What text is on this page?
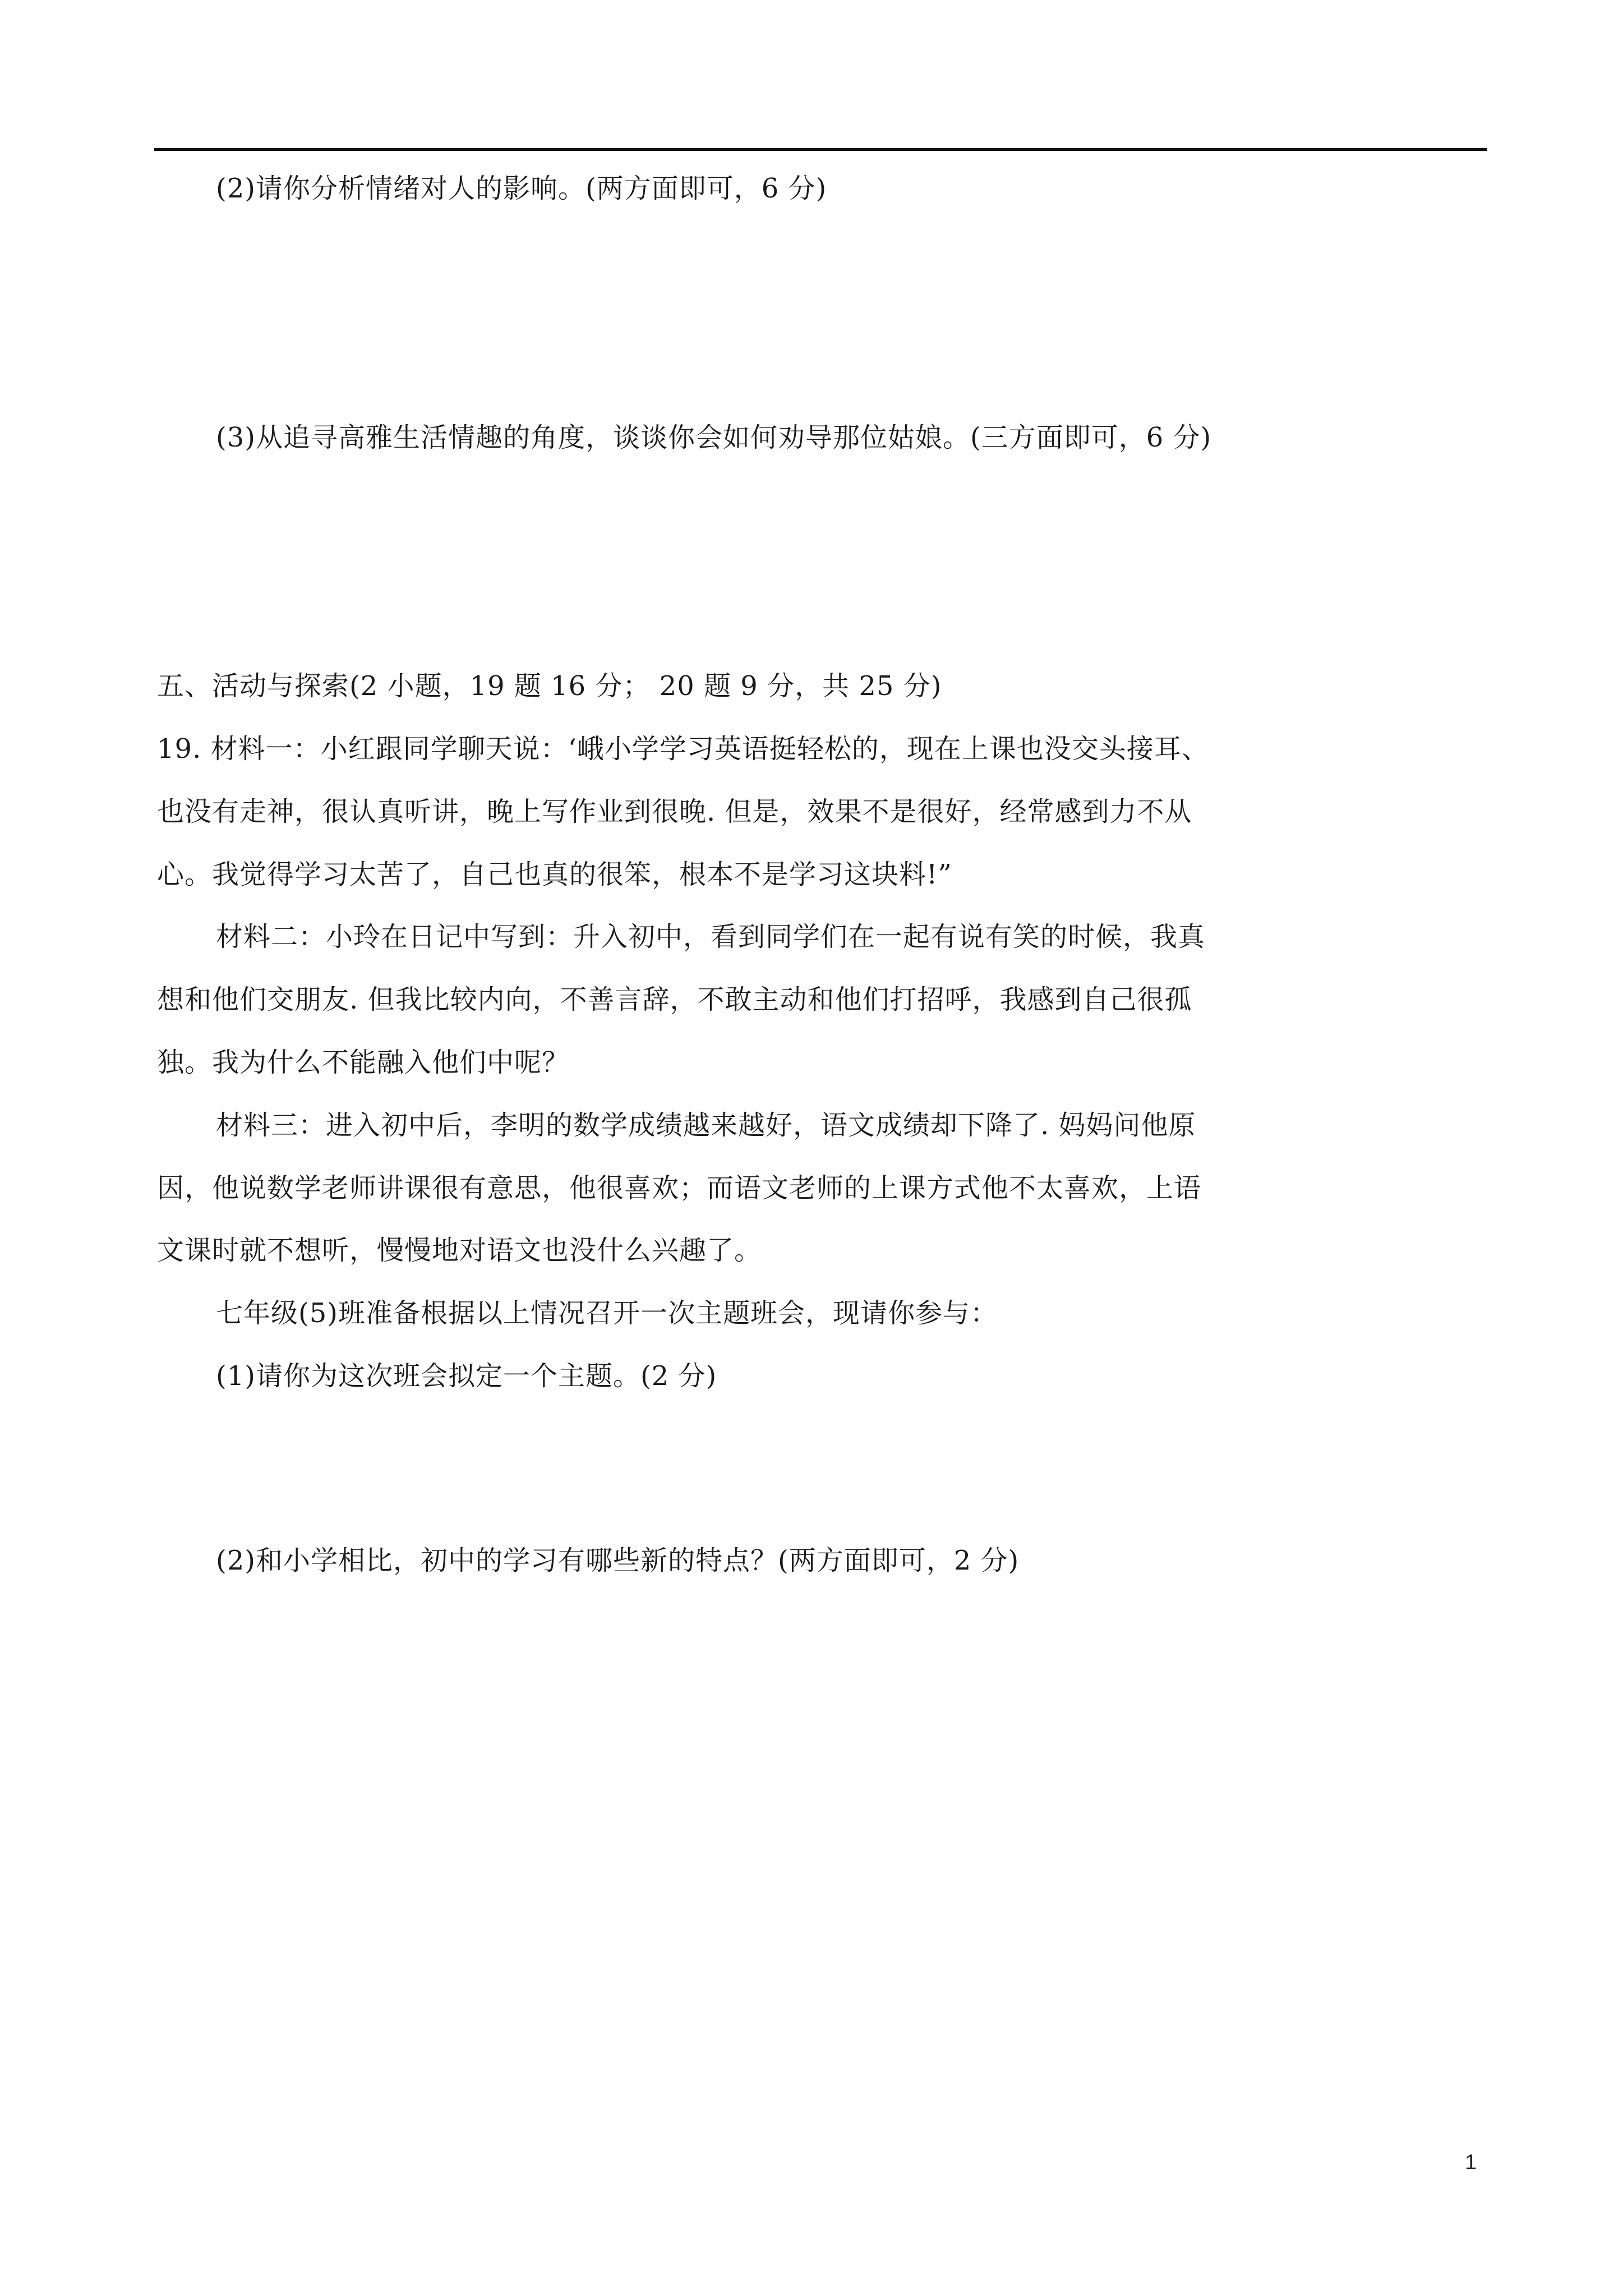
(2)请你分析情绪对人的影响。(两方面即可，6 分)
(3)从追寻高雅生活情趣的角度，谈谈你会如何劝导那位姑娘。(三方面即可，6 分)
五、活动与探索(2 小题，19 题 16 分； 20 题 9 分，共 25 分)
19. 材料一：小红跟同学聊天说：‘峨小学学习英语挺轻松的，现在上课也没交头接耳、
也没有走神，很认真听讲，晚上写作业到很晚. 但是，效果不是很好，经常感到力不从
心。我觉得学习太苦了，自己也真的很笨，根本不是学习这块料!”
材料二：小玲在日记中写到：升入初中，看到同学们在一起有说有笑的时候，我真
想和他们交朋友. 但我比较内向，不善言辞，不敢主动和他们打招呼，我感到自己很孤
独。我为什么不能融入他们中呢？
材料三：进入初中后，李明的数学成绩越来越好，语文成绩却下降了. 妈妈问他原
因，他说数学老师讲课很有意思，他很喜欢；而语文老师的上课方式他不太喜欢，上语
文课时就不想听，慢慢地对语文也没什么兴趣了。
七年级(5)班准备根据以上情况召开一次主题班会，现请你参与：
(1)请你为这次班会拟定一个主题。(2 分)
(2)和小学相比，初中的学习有哪些新的特点？(两方面即可，2 分)
1
